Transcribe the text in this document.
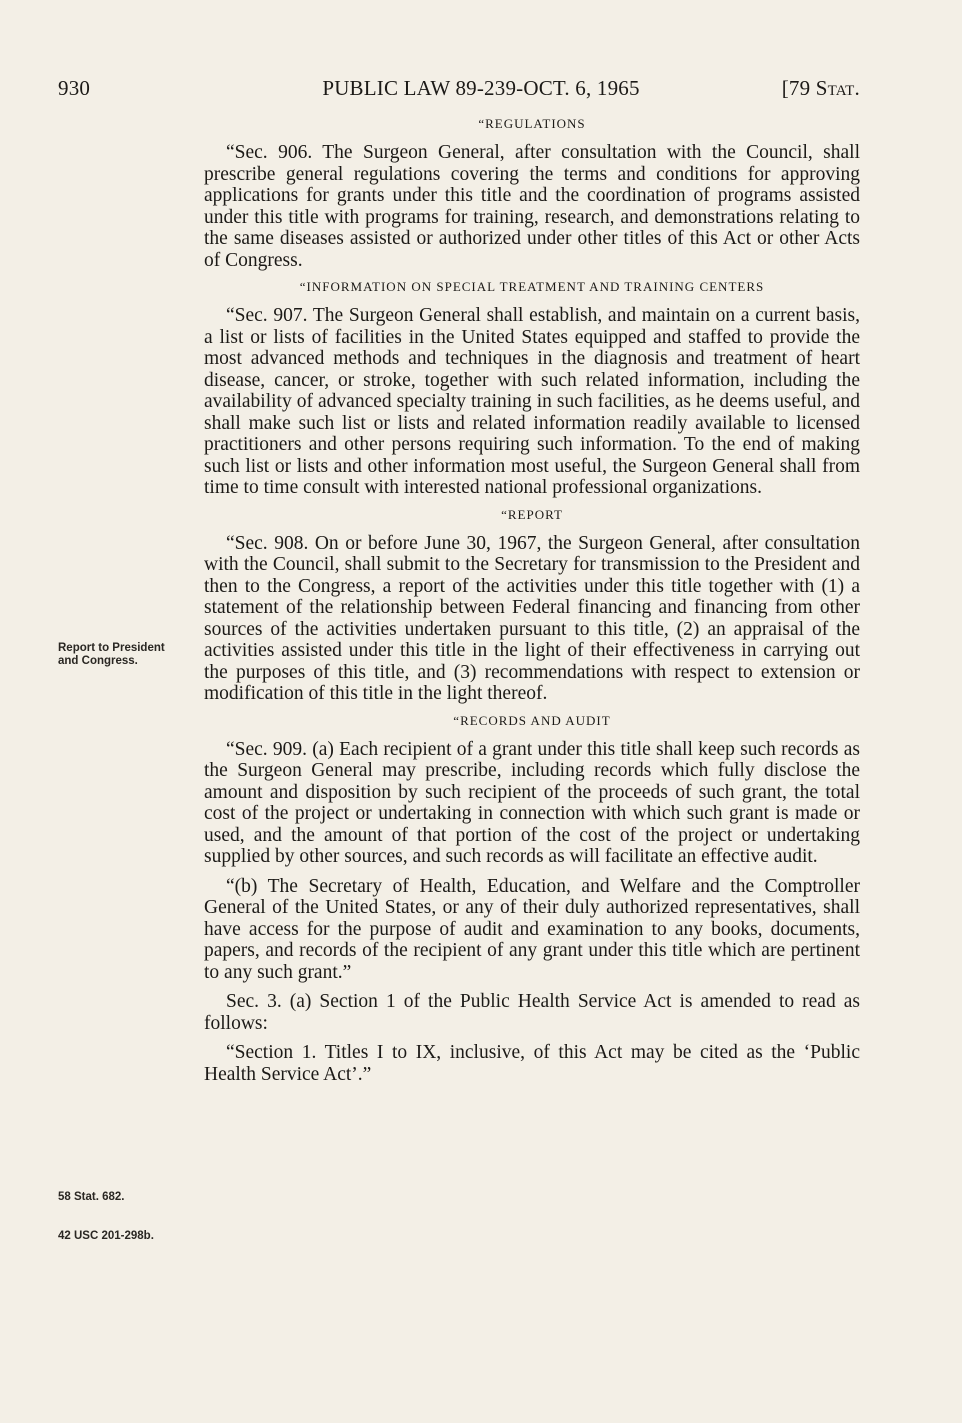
930	PUBLIC LAW 89-239-OCT. 6, 1965	[79 Stat.
Report to President and Congress.
58 Stat. 682.
42 USC 201-298b.
“REGULATIONS

“Sec. 906. The Surgeon General, after consultation with the Council, shall prescribe general regulations covering the terms and conditions for approving applications for grants under this title and the coordination of programs assisted under this title with programs for training, research, and demonstrations relating to the same diseases assisted or authorized under other titles of this Act or other Acts of Congress.

“INFORMATION ON SPECIAL TREATMENT AND TRAINING CENTERS

“Sec. 907. The Surgeon General shall establish, and maintain on a current basis, a list or lists of facilities in the United States equipped and staffed to provide the most advanced methods and techniques in the diagnosis and treatment of heart disease, cancer, or stroke, together with such related information, including the availability of advanced specialty training in such facilities, as he deems useful, and shall make such list or lists and related information readily available to licensed practitioners and other persons requiring such information. To the end of making such list or lists and other information most useful, the Surgeon General shall from time to time consult with interested national professional organizations.

“REPORT

“Sec. 908. On or before June 30, 1967, the Surgeon General, after consultation with the Council, shall submit to the Secretary for transmission to the President and then to the Congress, a report of the activities under this title together with (1) a statement of the relationship between Federal financing and financing from other sources of the activities undertaken pursuant to this title, (2) an appraisal of the activities assisted under this title in the light of their effectiveness in carrying out the purposes of this title, and (3) recommendations with respect to extension or modification of this title in the light thereof.

“RECORDS AND AUDIT

“Sec. 909. (a) Each recipient of a grant under this title shall keep such records as the Surgeon General may prescribe, including records which fully disclose the amount and disposition by such recipient of the proceeds of such grant, the total cost of the project or undertaking in connection with which such grant is made or used, and the amount of that portion of the cost of the project or undertaking supplied by other sources, and such records as will facilitate an effective audit.

“(b) The Secretary of Health, Education, and Welfare and the Comptroller General of the United States, or any of their duly authorized representatives, shall have access for the purpose of audit and examination to any books, documents, papers, and records of the recipient of any grant under this title which are pertinent to any such grant.”

Sec. 3. (a) Section 1 of the Public Health Service Act is amended to read as follows:

“Section 1. Titles I to IX, inclusive, of this Act may be cited as the ‘Public Health Service Act’.”
